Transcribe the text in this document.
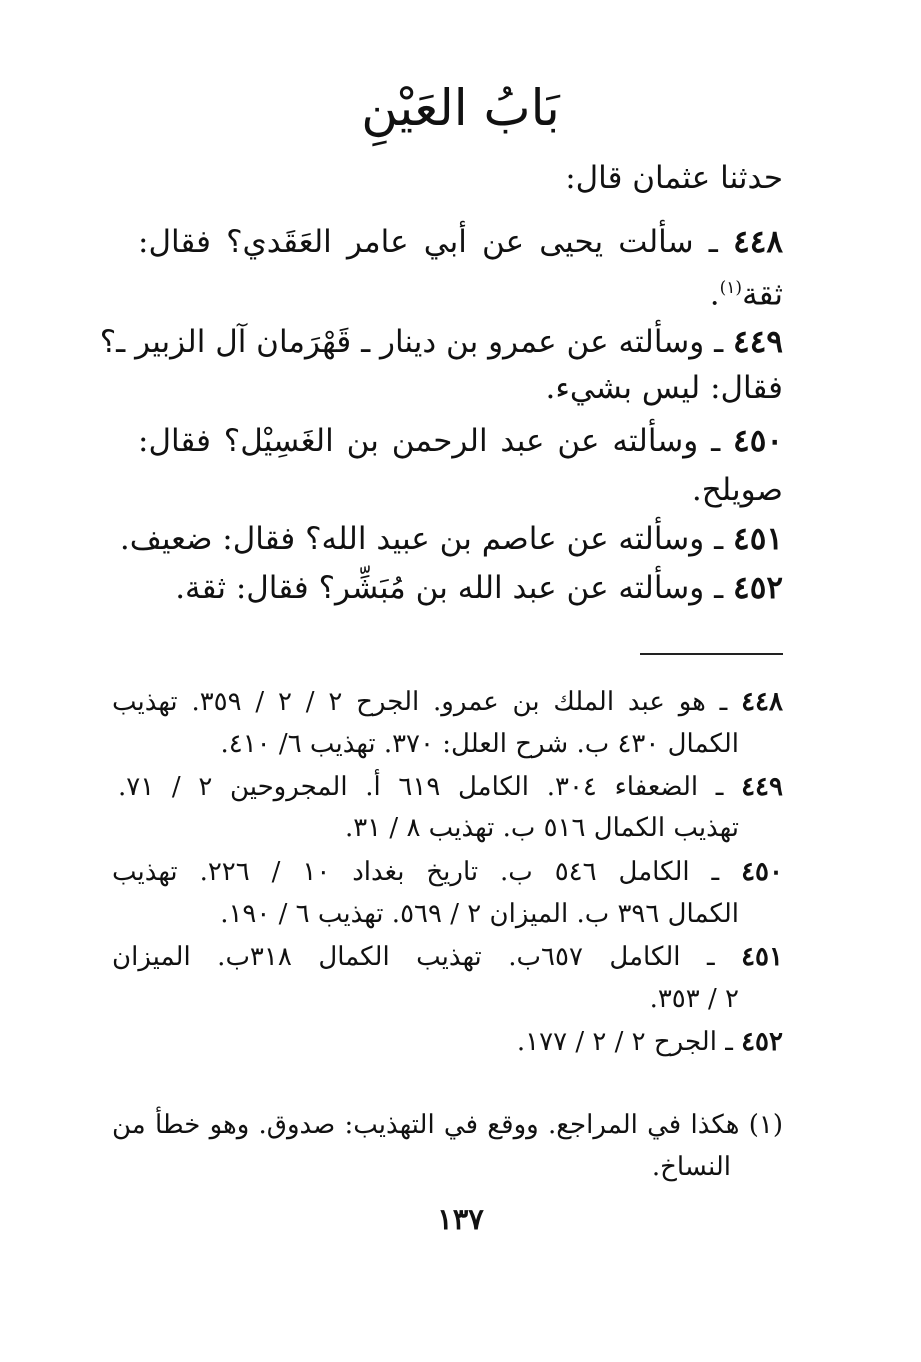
بَابُ العَيْنِ
حدثنا عثمان قال:
٤٤٨ ـ سألت يحيى عن أبي عامر العَقَدي؟ فقال:
ثقة$^{(١)}$.
٤٤٩ ـ وسألته عن عمرو بن دينار ـ قَهْرَمان آل الزبير ـ؟
فقال: ليس بشيء.
٤٥٠ ـ وسألته عن عبد الرحمن بن الغَسِيْل؟ فقال:
صويلح.
٤٥١ ـ وسألته عن عاصم بن عبيد الله؟ فقال: ضعيف.
٤٥٢ ـ وسألته عن عبد الله بن مُبَشِّر؟ فقال: ثقة.
٤٤٨ ـ هو عبد الملك بن عمرو. الجرح ٢ / ٢ / ٣٥٩. تهذيب
الكمال ٤٣٠ ب. شرح العلل: ٣٧٠. تهذيب ٦/ ٤١٠.
٤٤٩ ـ الضعفاء ٣٠٤. الكامل ٦١٩ أ. المجروحين ٢ / ٧١.
تهذيب الكمال ٥١٦ ب. تهذيب ٨ / ٣١.
٤٥٠ ـ الكامل ٥٤٦ ب. تاريخ بغداد ١٠ / ٢٢٦. تهذيب
الكمال ٣٩٦ ب. الميزان ٢ / ٥٦٩. تهذيب ٦ / ١٩٠.
٤٥١ ـ الكامل ٦٥٧ب. تهذيب الكمال ٣١٨ب. الميزان
٢ / ٣٥٣.
٤٥٢ ـ الجرح ٢ / ٢ / ١٧٧.
(١) هكذا في المراجع. ووقع في التهذيب: صدوق. وهو خطأ من
النساخ.
١٣٧
